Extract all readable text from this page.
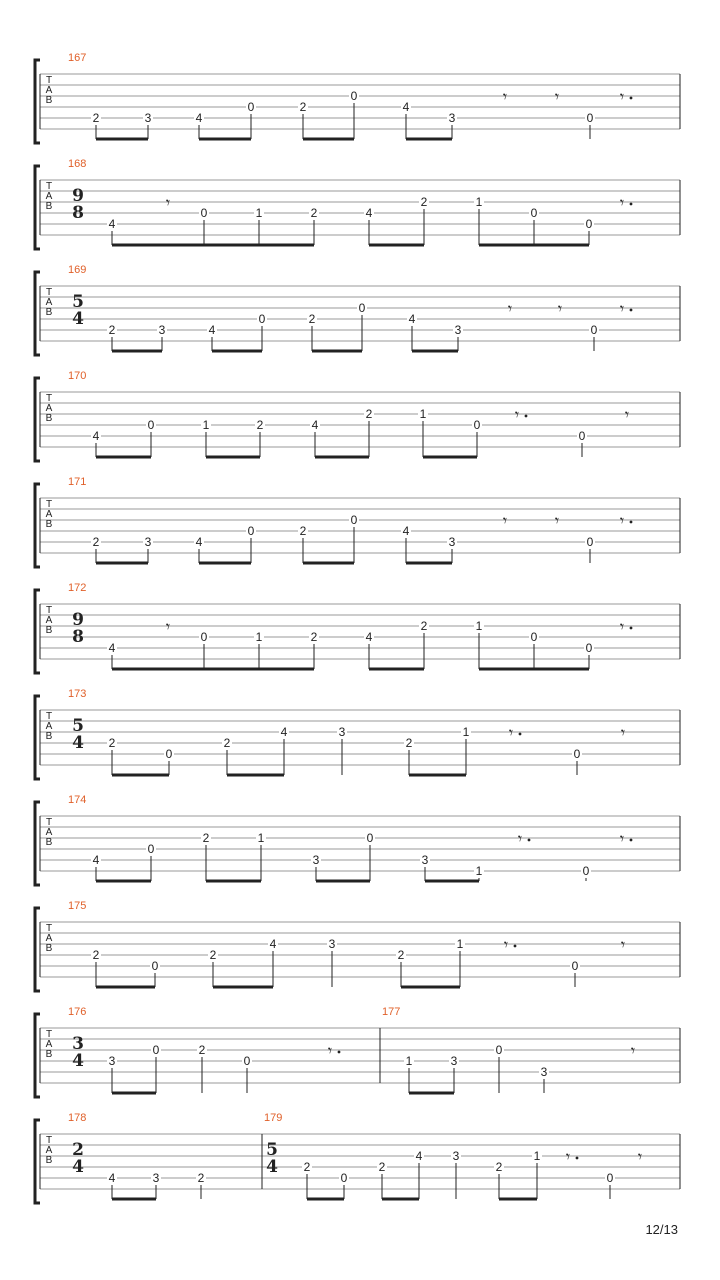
T
A
B
167
2	3	4
0	2
0
4
3	0
𝄾	𝄾	𝄾
T
A
B
168
9
8
4
0	1	2	4
2	1
0
0
𝄾	𝄾
T
A
B
169
5
4
2	3	4
0	2
0
4
3	0
𝄾	𝄾	𝄾
T
A
B
170
4
0	1	2	4
2	1
0
0
𝄾	𝄾
T
A
B
171
2	3	4
0	2
0
4
3	0
𝄾	𝄾	𝄾
T
A
B
172
9
8
4
0	1	2	4
2	1
0
0
𝄾	𝄾
T
A
B
173
5
4 2
0
2
4	3
2
1
0
𝄾	𝄾
T
A
B
174
4
0
2	1
3
0
3
1	0
𝄾	𝄾
T
A
B
175
2
0
2
4	3
2
1
0
𝄾	𝄾
T
A
B
176
3
4 3
0	2
0
𝄾
177
1	3
0
3
𝄾
T
A
B
178
2
4
4	3	2
179
5
4 2
0
2
4	3
2
1
0
𝄾	𝄾
12/13
